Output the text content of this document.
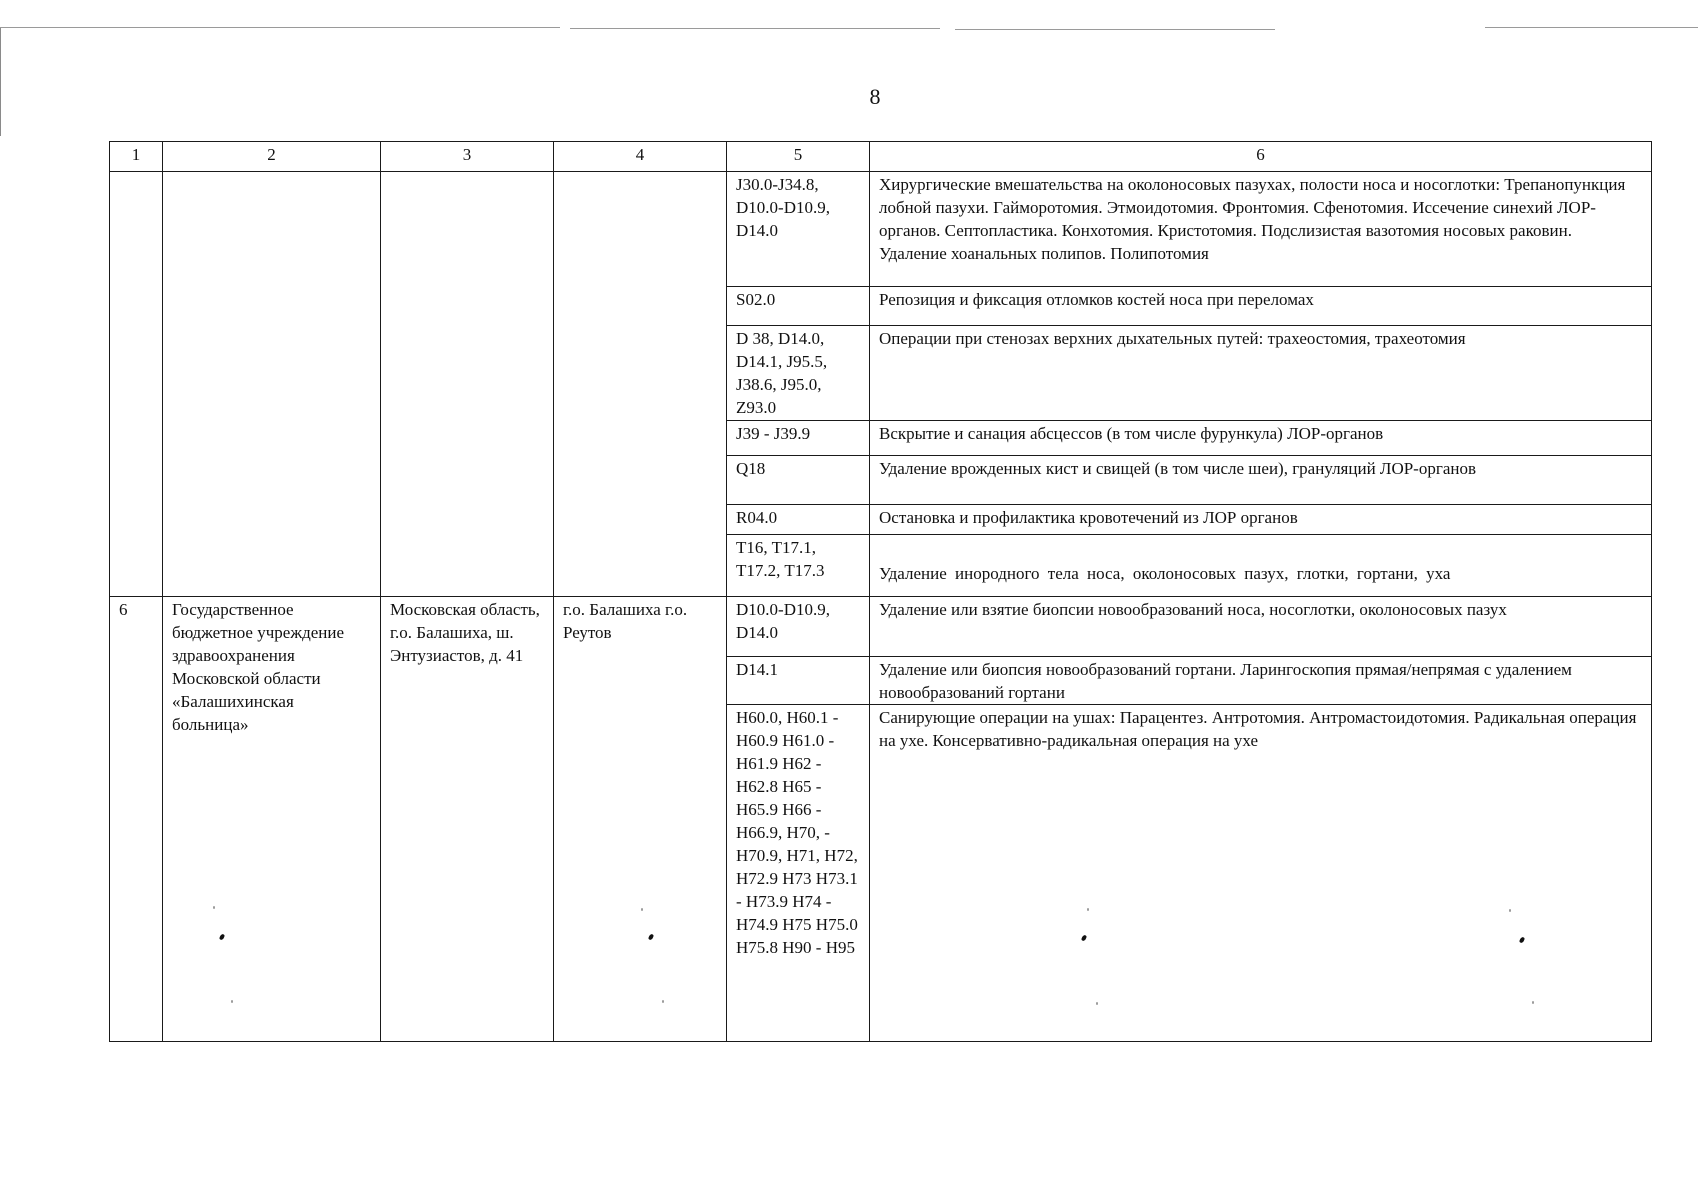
8
1	2	3	4	5	6
				J30.0-J34.8, D10.0-D10.9, D14.0	Хирургические вмешательства на околоносовых пазухах, полости носа и носоглотки: Трепанопункция лобной пазухи. Гайморотомия. Этмоидотомия. Фронтомия. Сфенотомия. Иссечение синехий ЛОР-органов. Септопластика. Конхотомия. Кристотомия. Подслизистая вазотомия носовых раковин. Удаление хоанальных полипов. Полипотомия
				S02.0	Репозиция и фиксация отломков костей носа при переломах
				D 38, D14.0, D14.1, J95.5, J38.6, J95.0, Z93.0	Операции при стенозах верхних дыхательных путей: трахеостомия, трахеотомия
				J39 - J39.9	Вскрытие и санация абсцессов (в том числе фурункула) ЛОР-органов
				Q18	Удаление врожденных кист и свищей (в том числе шеи), грануляций ЛОР-органов
				R04.0	Остановка и профилактика кровотечений из ЛОР органов
				T16, T17.1, T17.2, T17.3	Удаление инородного тела носа, околоносовых пазух, глотки, гортани, уха
6	Государственное бюджетное учреждение здравоохранения Московской области «Балашихинская больница»	Московская область, г.о. Балашиха, ш. Энтузиастов, д. 41	г.о. Балашиха г.о. Реутов	D10.0-D10.9, D14.0	Удаление или взятие биопсии новообразований носа, носоглотки, околоносовых пазух
				D14.1	Удаление или биопсия новообразований гортани. Ларингоскопия прямая/непрямая с удалением новообразований гортани
				H60.0, H60.1 -H60.9 H61.0 - H61.9 H62 - H62.8 H65 - H65.9 H66 - H66.9, H70, - H70.9, H71, H72, H72.9 H73 H73.1 - H73.9 H74 - H74.9 H75 H75.0 H75.8 H90 - H95	Санирующие операции на ушах: Парацентез. Антротомия. Антромастоидотомия. Радикальная операция на ухе. Консервативно-радикальная операция на ухе
